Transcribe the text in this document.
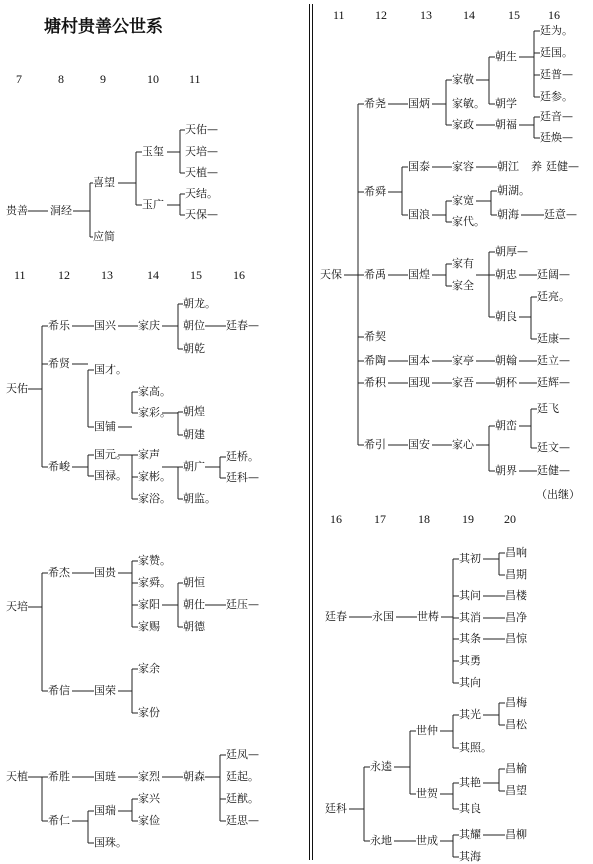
塘村贵善公世系
7	8	9	10	11
11	12	13	14	15	16
11	12	13	14	15 16
16	17	18	19	20
贵善 洞经
喜望
应简
玉玺
玉广
天佑—
天培—
天植—
天结。
天保—
天佑
希乐 国兴 家庆
朝龙。
朝位
朝乾
廷春—
希贤 国才。
国铺
家高。
家彩。 朝煌
朝建
希峻
国元。
国禄。
家声
家彬。
家浴。
朝广
朝监。
廷桥。
廷科—
天培
希杰 国贵
家赞。
家舜。
家阳
家赐
朝恒
朝仕
朝德
廷压—
希信 国荣
家余
家份
天植 希胜 国琏 家烈 朝森
廷凤—
廷起。
廷猷。
廷思—
希仁
国瑞
家兴
家俭
国珠。
天保
希尧 国炳
家敬
家敏。
家政
朝生
朝学
朝福
廷为。
廷国。
廷普—
廷参。
廷音—
廷焕—
希舜
国泰 家容 朝江 养 廷健—
国浪
家宽
家代。
朝湖。
朝海 廷意—
希禹 国煌
家有
家全
朝厚—
朝忠 廷阔—
朝良
廷亮。
廷康—
希契
希陶 国本 家亭 朝翰 廷立—
希积 国现 家吾 朝杯 廷辉—
希引 国安 家心
朝峦
廷飞
廷文—
朝界 廷健—
（出继）
廷春 永国 世梼
其初
其问
其消
其条
其勇
其向
昌响
昌期
昌楼
昌净
昌惊
廷科
永逵
世仲
世贺
其光
其照。
其艳
其良
昌梅
昌松
昌榆
昌望
永地 世成 其耀
其海
昌柳
